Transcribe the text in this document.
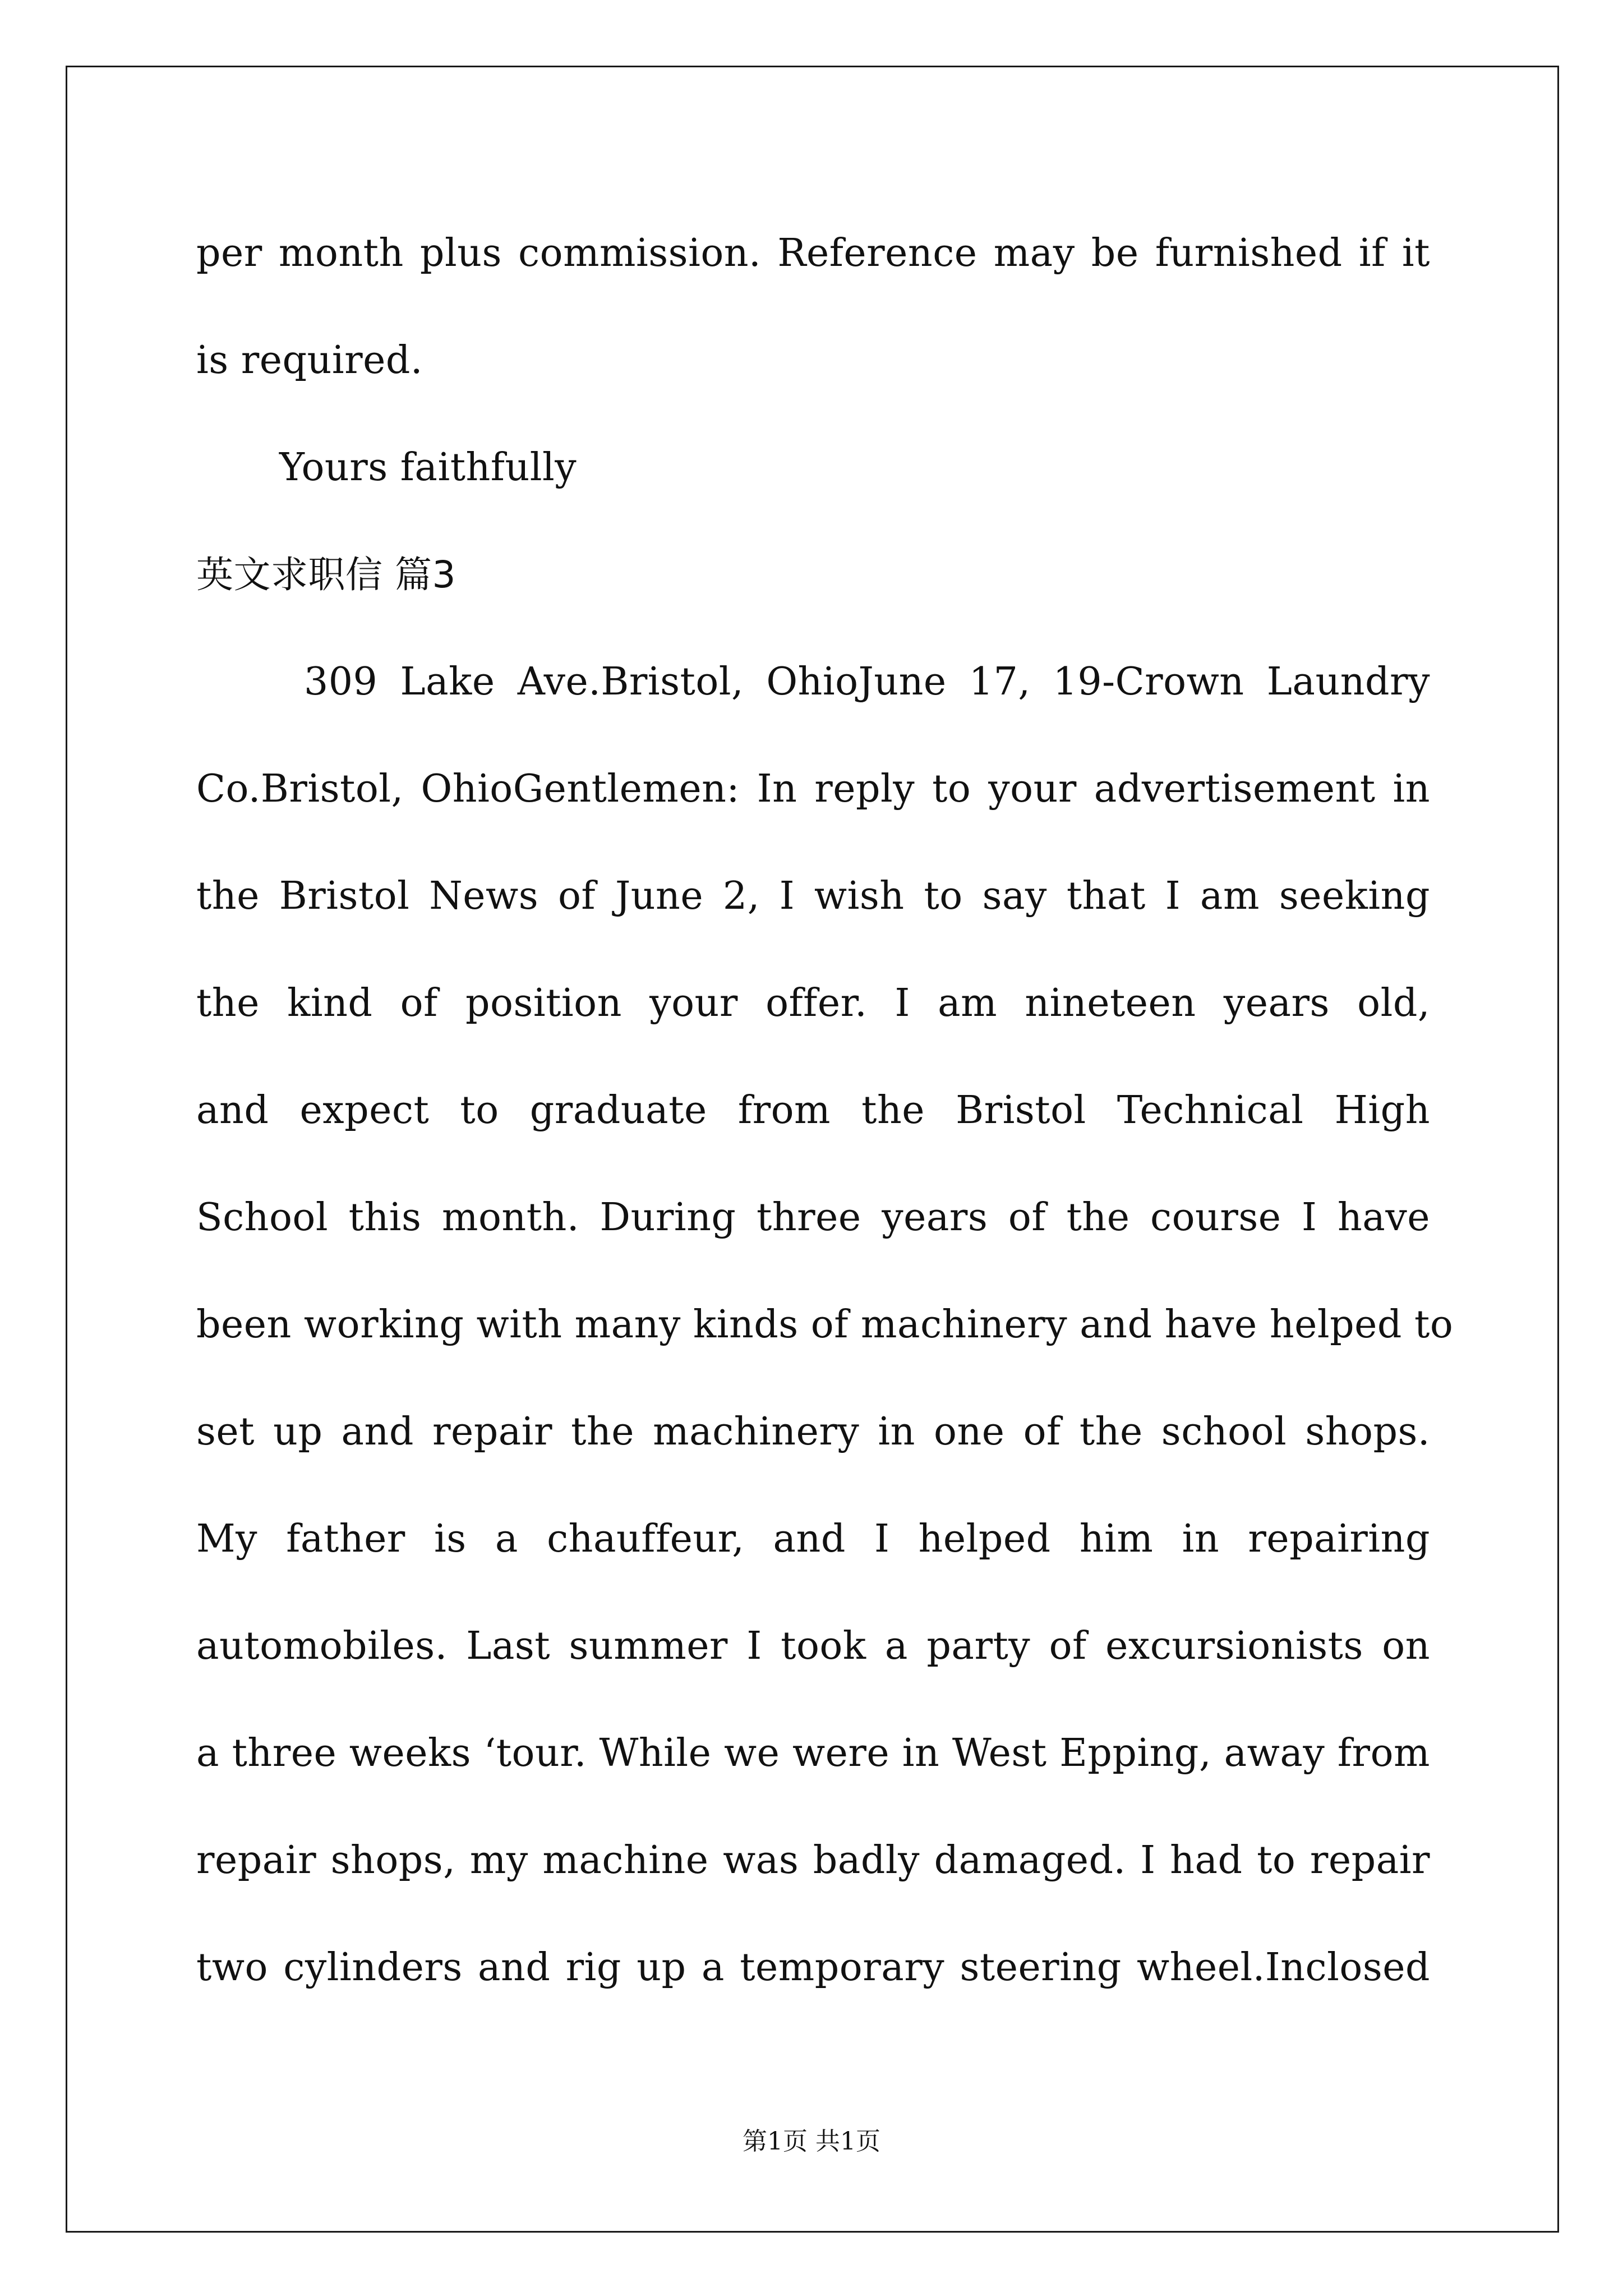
per month plus commission. Reference may be furnished if it
is required.
Yours faithfully
英文求职信 篇3
309 Lake Ave.Bristol, OhioJune 17, 19-Crown Laundry
Co.Bristol, OhioGentlemen: In reply to your advertisement in
the Bristol News of June 2, I wish to say that I am seeking
the kind of position your offer. I am nineteen years old,
and expect to graduate from the Bristol Technical High
School this month. During three years of the course I have
been working with many kinds of machinery and have helped to
set up and repair the machinery in one of the school shops.
My father is a chauffeur, and I helped him in repairing
automobiles. Last summer I took a party of excursionists on
a three weeks ‘tour. While we were in West Epping, away from
repair shops, my machine was badly damaged. I had to repair
two cylinders and rig up a temporary steering wheel.Inclosed
第1页 共1页
